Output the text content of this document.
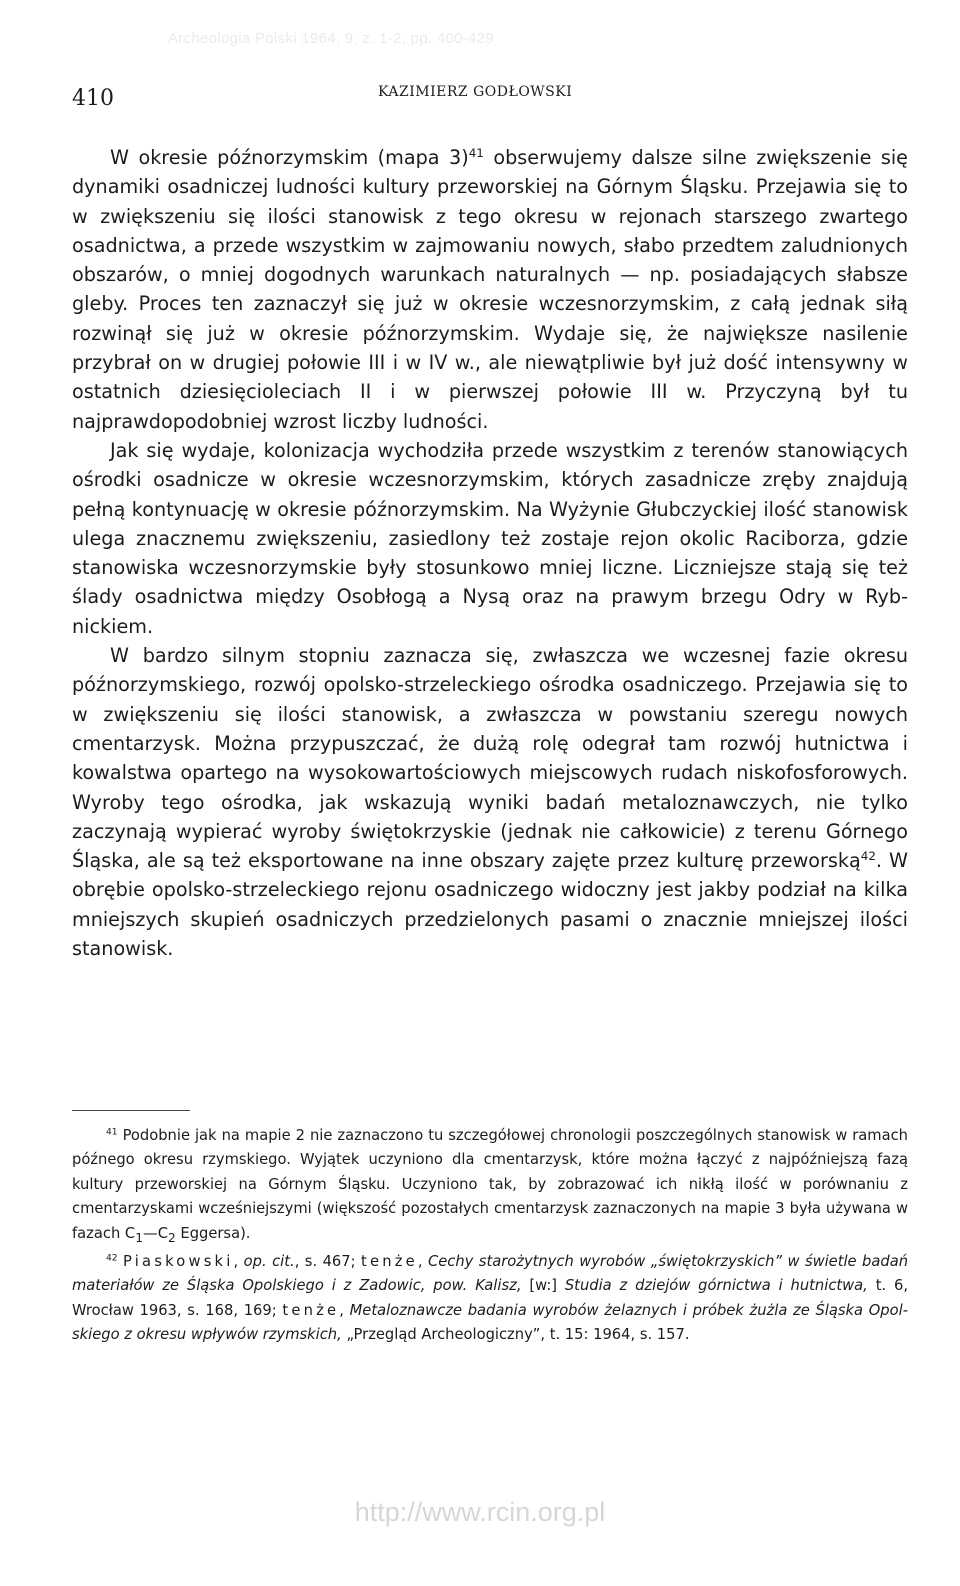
Archeologia Polski 1964, 9, z. 1-2, pp. 400-429
410	KAZIMIERZ GODŁOWSKI

W okresie późnorzymskim (mapa 3)$^{41}$ obserwujemy dalsze silne zwiększenie się dynamiki osadniczej ludności kultury przeworskiej na Górnym Śląsku. Przejawia się to w zwiększeniu się ilości stanowisk z tego okresu w rejonach starszego zwartego osadnictwa, a przede wszystkim w zajmowaniu nowych, słabo przedtem zaludnionych obszarów, o mniej dogodnych warunkach naturalnych — np. posiadających słabsze gleby. Proces ten zaznaczył się już w okresie wczesnorzymskim, z całą jednak siłą rozwinął się już w okresie późnorzymskim. Wydaje się, że największe nasilenie przybrał on w drugiej połowie III i w IV w., ale niewątpliwie był już dość intensywny w ostatnich dziesięcioleciach II i w pierwszej połowie III w. Przyczyną był tu najprawdopodobniej wzrost liczby ludności.

Jak się wydaje, kolonizacja wychodziła przede wszystkim z terenów stanowiących ośrodki osadnicze w okresie wczesnorzymskim, których zasadnicze zręby znajdują pełną kontynuację w okresie późnorzymskim. Na Wyżynie Głubczyckiej ilość stanowisk ulega znacznemu zwiększeniu, zasiedlony też zostaje rejon okolic Raciborza, gdzie stanowiska wczesnorzymskie były stosunkowo mniej liczne. Liczniejsze stają się też ślady osadnictwa między Osobłogą a Nysą oraz na prawym brzegu Odry w Rybnickiem.

W bardzo silnym stopniu zaznacza się, zwłaszcza we wczesnej fazie okresu późnorzymskiego, rozwój opolsko-strzeleckiego ośrodka osadniczego. Przejawia się to w zwiększeniu się ilości stanowisk, a zwłaszcza w powstaniu szeregu nowych cmentarzysk. Można przypuszczać, że dużą rolę odegrał tam rozwój hutnictwa i kowalstwa opartego na wysokowartościowych miejscowych rudach niskofosforowych. Wyroby tego ośrodka, jak wskazują wyniki badań metaloznawczych, nie tylko zaczynają wypierać wyroby świętokrzyskie (jednak nie całkowicie) z terenu Górnego Śląska, ale są też eksportowane na inne obszary zajęte przez kulturę przeworską$^{42}$. W obrębie opolsko-strzeleckiego rejonu osadniczego widoczny jest jakby podział na kilka mniejszych skupień osadniczych przedzielonych pasami o znacznie mniejszej ilości stanowisk.

$^{41}$ Podobnie jak na mapie 2 nie zaznaczono tu szczegółowej chronologii poszczególnych stanowisk w ramach późnego okresu rzymskiego. Wyjątek uczyniono dla cmentarzysk, które można łączyć z najpóźniejszą fazą kultury przeworskiej na Górnym Śląsku. Uczyniono tak, by zobrazować ich nikłą ilość w porównaniu z cmentarzyskami wcześniejszymi (większość pozostałych cmentarzysk zaznaczonych na mapie 3 była używana w fazach $C_1—C_2$ Eggersa).

$^{42}$ Piaskowski, op. cit., s. 467; tenże, Cechy starożytnych wyrobów „świętokrzyskich” w świetle badań materiałów ze Śląska Opolskiego i z Zadowic, pow. Kalisz, [w:] Studia z dziejów górnictwa i hutnictwa, t. 6, Wrocław 1963, s. 168, 169; tenże, Metaloznawcze badania wyrobów żelaznych i próbek żużla ze Śląska Opolskiego z okresu wpływów rzymskich, „Przegląd Archeologiczny”, t. 15: 1964, s. 157.

http://www.rcin.org.pl
